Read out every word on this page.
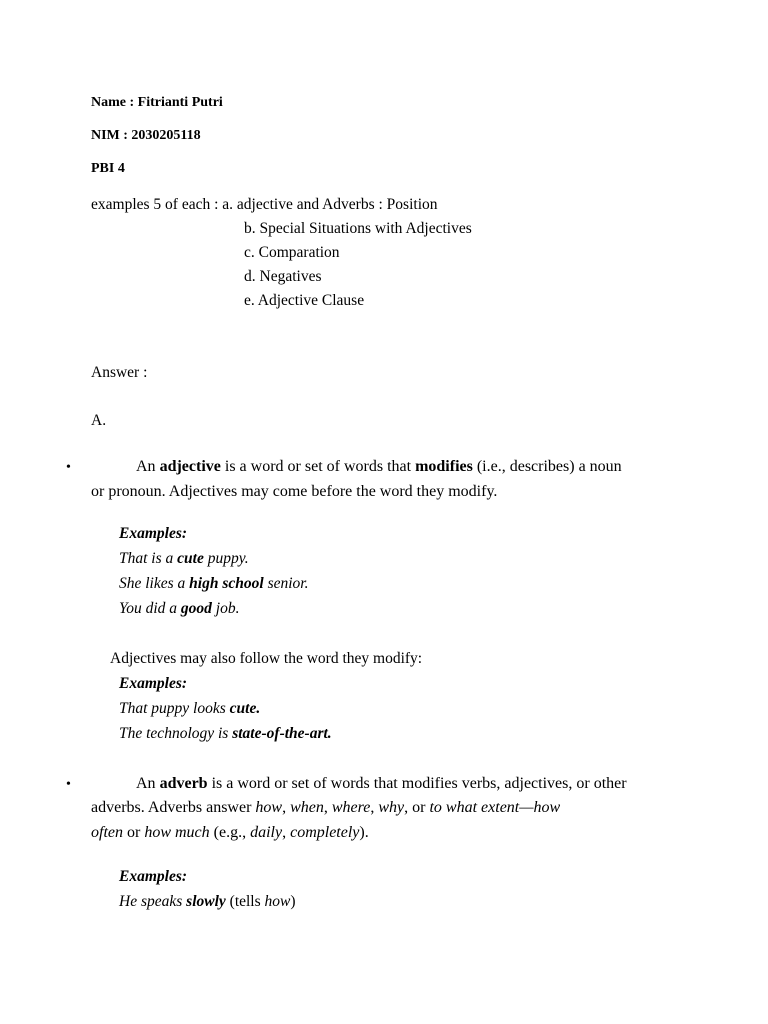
Name : Fitrianti Putri
NIM : 2030205118
PBI 4
examples 5 of each : a. adjective and Adverbs : Position
b. Special Situations with Adjectives
c. Comparation
d. Negatives
e. Adjective Clause
Answer :
A.
•	An adjective is a word or set of words that modifies (i.e., describes) a noun
or pronoun. Adjectives may come before the word they modify.
Examples:
That is a cute puppy.
She likes a high school senior.
You did a good job.
Adjectives may also follow the word they modify:
Examples:
That puppy looks cute.
The technology is state-of-the-art.
•	An adverb is a word or set of words that modifies verbs, adjectives, or other
adverbs. Adverbs answer how, when, where, why, or to what extent—how
often or how much (e.g., daily, completely).
Examples:
He speaks slowly (tells how)
